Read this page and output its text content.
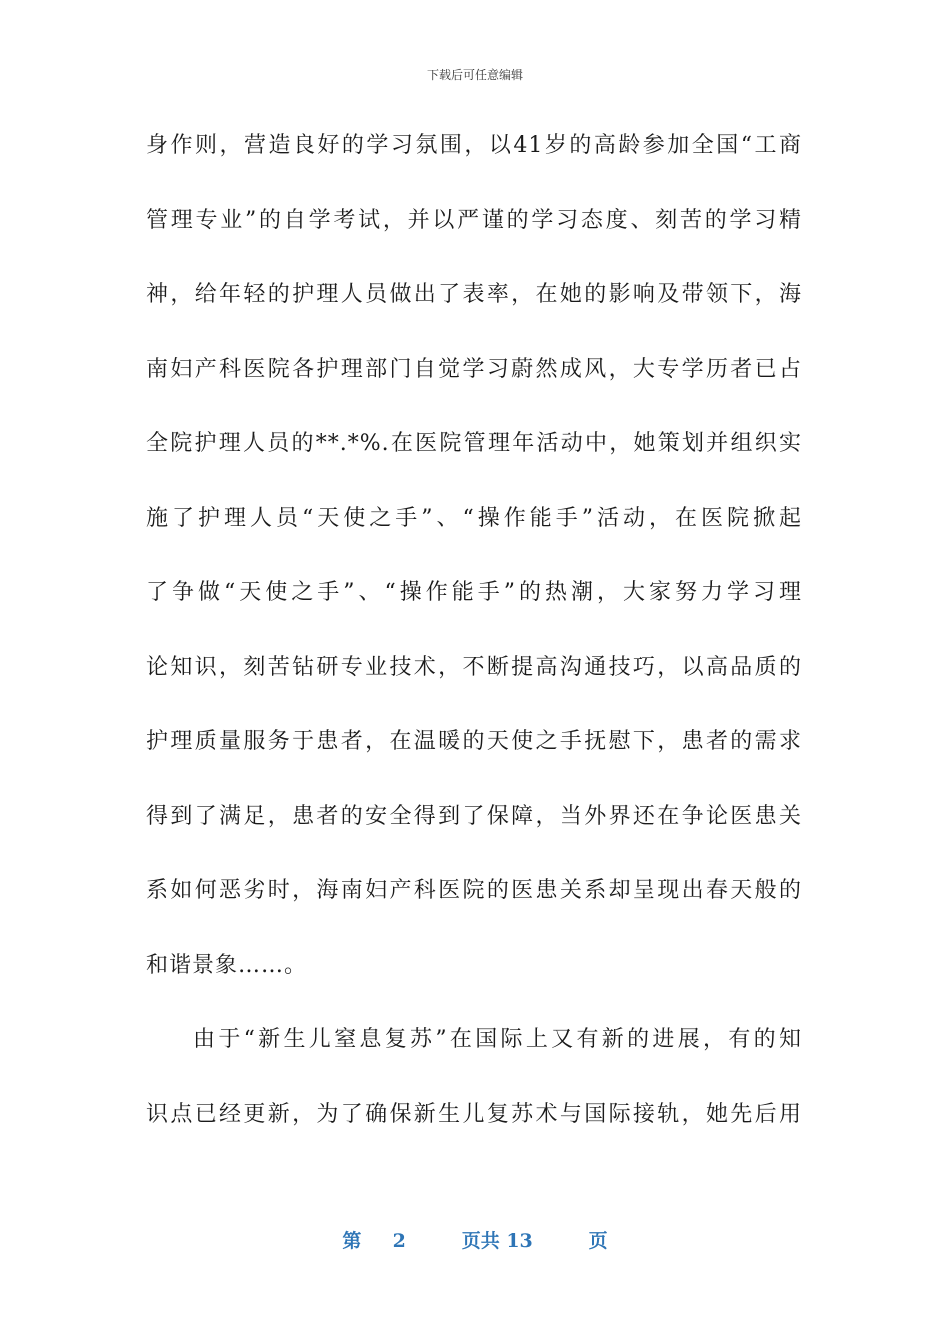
下载后可任意编辑
身作则，营造良好的学习氛围，以41岁的高龄参加全国“工商
管理专业”的自学考试，并以严谨的学习态度、刻苦的学习精
神，给年轻的护理人员做出了表率，在她的影响及带领下，海
南妇产科医院各护理部门自觉学习蔚然成风，大专学历者已占
全院护理人员的**.*%.在医院管理年活动中，她策划并组织实
施了护理人员“天使之手”、“操作能手”活动，在医院掀起
了争做“天使之手”、“操作能手”的热潮，大家努力学习理
论知识，刻苦钻研专业技术，不断提高沟通技巧，以高品质的
护理质量服务于患者，在温暖的天使之手抚慰下，患者的需求
得到了满足，患者的安全得到了保障，当外界还在争论医患关
系如何恶劣时，海南妇产科医院的医患关系却呈现出春天般的
和谐景象……。
由于“新生儿窒息复苏”在国际上又有新的进展，有的知
识点已经更新，为了确保新生儿复苏术与国际接轨，她先后用
第 2	页共 13	页
